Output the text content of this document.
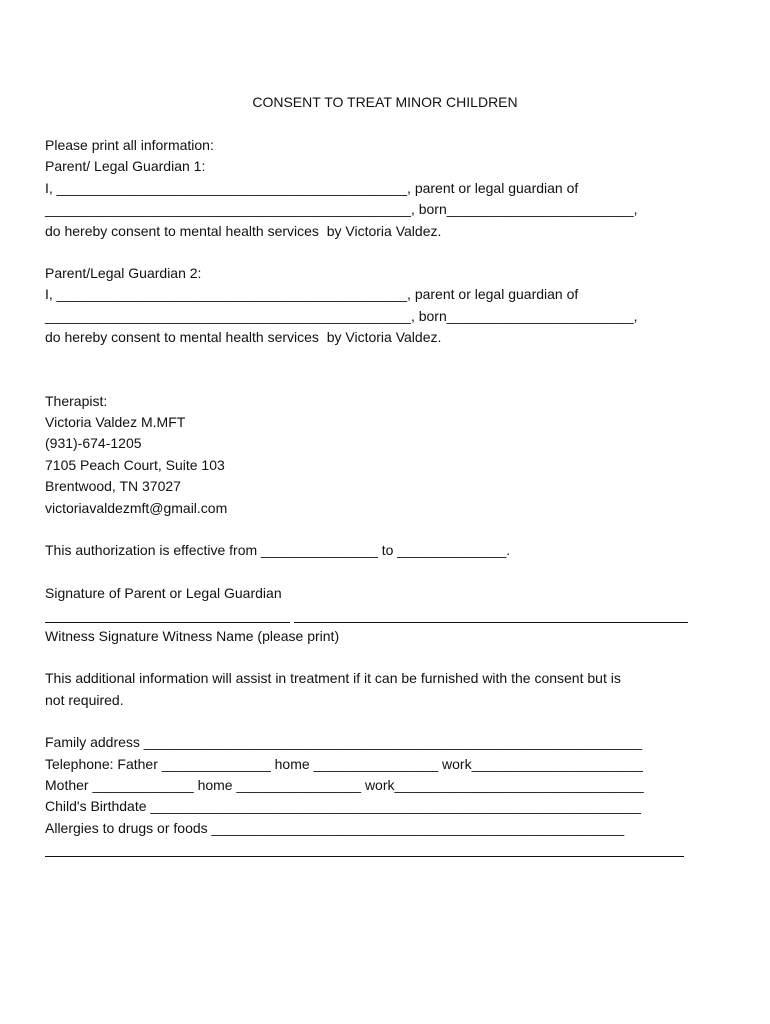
CONSENT TO TREAT MINOR CHILDREN
Please print all information:
Parent/ Legal Guardian 1:
I, _____________________________________________, parent or legal guardian of
_______________________________________________, born________________________,
do hereby consent to mental health services  by Victoria Valdez.
Parent/Legal Guardian 2:
I, _____________________________________________, parent or legal guardian of
_______________________________________________, born________________________,
do hereby consent to mental health services  by Victoria Valdez.
Therapist:
Victoria Valdez M.MFT
(931)-674-1205
7105 Peach Court, Suite 103
Brentwood, TN 37027
victoriavaldezmft@gmail.com
This authorization is effective from _______________ to ______________.
Signature of Parent or Legal Guardian
Witness Signature Witness Name (please print)
This additional information will assist in treatment if it can be furnished with the consent but is
not required.
Family address ________________________________________________________________
Telephone: Father ______________ home ________________ work______________________
Mother _____________ home ________________ work________________________________
Child's Birthdate _______________________________________________________________
Allergies to drugs or foods _____________________________________________________
